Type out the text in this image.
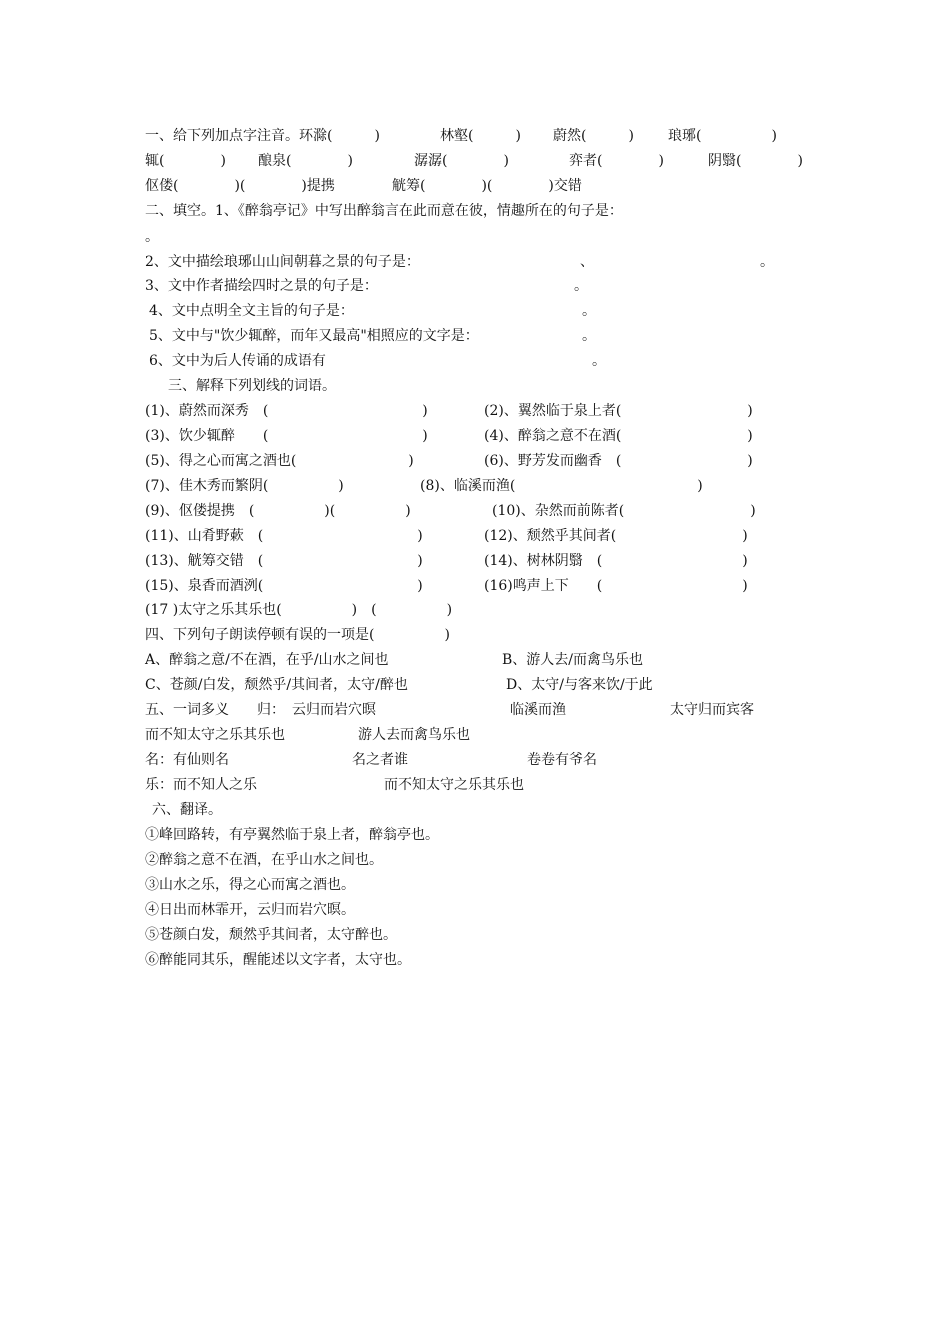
一、给下列加点字注音。环滁(　　　)	林壑(　　　) 蔚然(　　　) 琅琊(　　　　　)
辄(　　　　) 酿泉(　　　　)	潺潺(　　　　)	弈者(　　　　)	阴翳(　　　　)
伛偻(　　　　)(　　　　)提携	觥筹(　　　　)(　　　　)交错
二、填空。1、《醉翁亭记》中写出醉翁言在此而意在彼，情趣所在的句子是：
。
2、文中描绘琅琊山山间朝暮之景的句子是：	、	。
3、文中作者描绘四时之景的句子是：	。
4、文中点明全文主旨的句子是：	。
5、文中与"饮少辄醉，而年又最高"相照应的文字是：	。
6、文中为后人传诵的成语有	。
三、解释下列划线的词语。
(1)、蔚然而深秀　(　　　　　　　　　　　)	(2)、翼然临于泉上者(　　　　　　　　　)
(3)、饮少辄醉　　(　　　　　　　　　　　)	(4)、醉翁之意不在酒(　　　　　　　　　)
(5)、得之心而寓之酒也(　　　　　　　　)	(6)、野芳发而幽香　(　　　　　　　　　)
(7)、佳木秀而繁阴(　　　　　)	(8)、临溪而渔(　　　　　　　　　　　　　)
(9)、伛偻提携　(　　　　　)(　　　　　)	(10)、杂然而前陈者(　　　　　　　　　)
(11)、山肴野蔌　(　　　　　　　　　　　)	(12)、颓然乎其间者(　　　　　　　　　)
(13)、觥筹交错　(　　　　　　　　　　　)	(14)、树林阴翳　(　　　　　　　　　　)
(15)、泉香而酒洌(　　　　　　　　　　　)	(16)鸣声上下　　(　　　　　　　　　　)
(17 )太守之乐其乐也(　　　　　)　(　　　　　)
四、下列句子朗读停顿有误的一项是(　　　　　)
A、醉翁之意/不在酒，在乎/山水之间也	B、游人去/而禽鸟乐也
C、苍颜/白发，颓然乎/其间者，太守/醉也	D、太守/与客来饮/于此
五、一词多义　　归：　云归而岩穴暝	临溪而渔	太守归而宾客
而不知太守之乐其乐也	游人去而禽鸟乐也
名：有仙则名	名之者谁	卷卷有爷名
乐：而不知人之乐	而不知太守之乐其乐也
六、翻译。
①峰回路转，有亭翼然临于泉上者，醉翁亭也。
②醉翁之意不在酒，在乎山水之间也。
③山水之乐，得之心而寓之酒也。
④日出而林霏开，云归而岩穴暝。
⑤苍颜白发，颓然乎其间者，太守醉也。
⑥醉能同其乐，醒能述以文字者，太守也。
